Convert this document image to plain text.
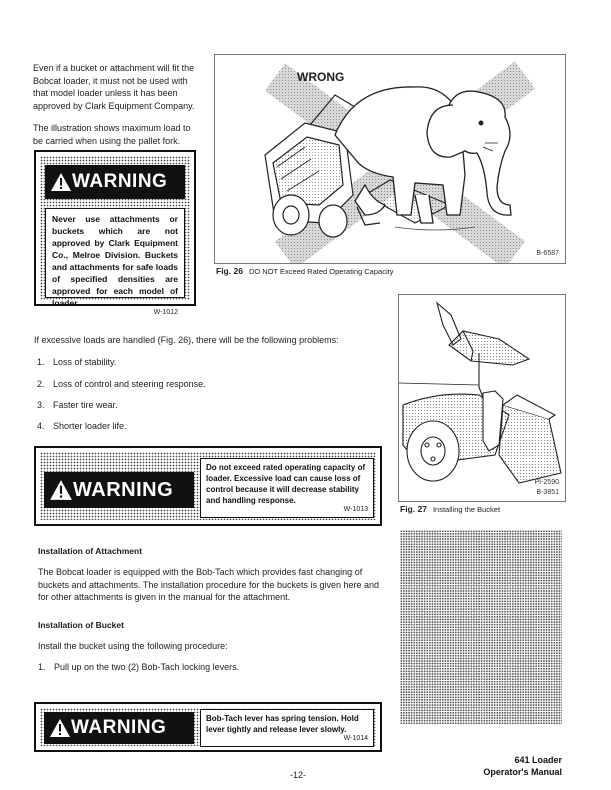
Even if a bucket or attachment will fit the Bobcat loader, it must not be used with that model loader unless it has been approved by Clark Equipment Company.

The illustration shows maximum load to be carried when using the pallet fork.

WARNING
Never use attachments or buckets which are not approved by Clark Equipment Co., Melroe Division. Buckets and attachments for safe loads of specified densities are approved for each model of loader.
W-1012
WRONG
B-6587
Fig. 26 DO NOT Exceed Rated Operating Capacity
PI-2590
B-3851
Fig. 27 Installing the Bucket
If excessive loads are handled (Fig. 26), there will be the following problems:
1. Loss of stability.
2. Loss of control and steering response.
3. Faster tire wear.
4. Shorter loader life.
WARNING
Do not exceed rated operating capacity of loader. Excessive load can cause loss of control because it will decrease stability and handling response.
W-1013
Installation of Attachment
The Bobcat loader is equipped with the Bob-Tach which provides fast changing of buckets and attachments. The installation procedure for the buckets is given here and for other attachments is given in the manual for the attachment.
Installation of Bucket
Install the bucket using the following procedure:
1. Pull up on the two (2) Bob-Tach locking levers.
WARNING	Bob-Tach lever has spring tension. Hold lever tightly and release lever slowly.
W-1014
-12-
641 Loader
Operator's Manual
